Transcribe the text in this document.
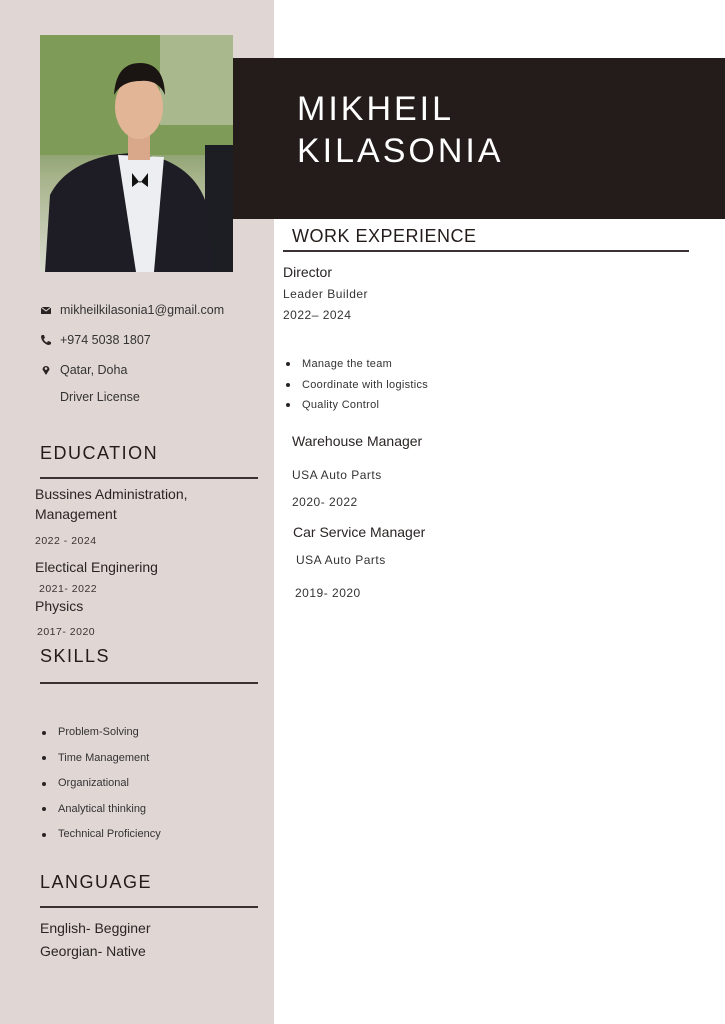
MIKHEIL
KILASONIA
mikheilkilasonia1@gmail.com
+974 5038 1807
Qatar, Doha
Driver License
EDUCATION
Bussines Administration,
Management
2022 - 2024
Electical Enginering
2021- 2022
Physics
2017- 2020
SKILLS
Problem-Solving
Time Management
Organizational
Analytical thinking
Technical Proficiency
LANGUAGE
English- Begginer
Georgian- Native
WORK EXPERIENCE
Director
Leader Builder
2022– 2024
Manage the team
Coordinate with logistics
Quality Control
Warehouse Manager
USA Auto Parts
2020- 2022
Car Service Manager
USA Auto Parts
2019- 2020
